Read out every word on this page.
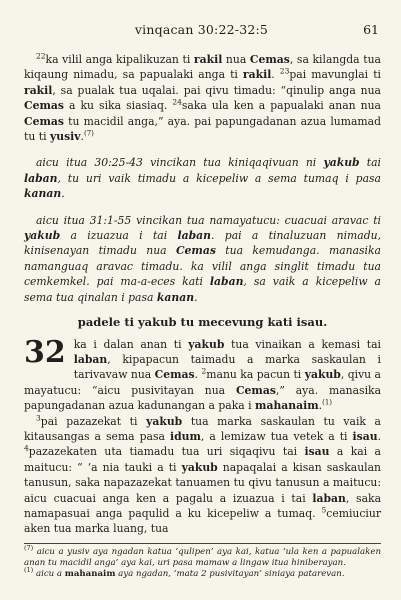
vinqacan 30:22-32:5	61

$^{22}$ka vilil anga kipalikuzan ti rakil nua Cemas, sa kilangda tua kiqaung nimadu, sa papualaki anga ti rakil. $^{23}$pai mavunglai ti rakil, sa pualak tua uqalai. pai qivu timadu: “qinulip anga nua Cemas a ku sika siasiaq. $^{24}$saka ula ken a papualaki anan nua Cemas tu macidil anga,” aya. pai papungadanan azua lumamad tu ti yusiv.$^{(7)}$

aicu itua 30:25-43 vincikan tua kiniqaqivuan ni yakub tai laban, tu uri vaik timadu a kicepeliw a sema tumaq i pasa kanan.

aicu itua 31:1-55 vincikan tua namayatucu: cuacuai aravac ti yakub a izuazua i tai laban. pai a tinaluzuan nimadu, kinisenayan timadu nua Cemas tua kemudanga. manasika namanguaq aravac timadu. ka vilil anga singlit timadu tua cemkemkel. pai ma-a-eces kati laban, sa vaik a kicepeliw a sema tua qinalan i pasa kanan.

padele ti yakub tu mecevung kati isau.

32 ka i dalan anan ti yakub tua vinaikan a kemasi tai laban, kipapacun taimadu a marka saskaulan i tarivavaw nua Cemas. $^2$manu ka pacun ti yakub, qivu a mayatucu: “aicu pusivitayan nua Cemas,” aya. manasika papungadanan azua kadunangan a paka i mahanaim.$^{(1)}$

$^3$pai pazazekat ti yakub tua marka saskaulan tu vaik a kitausangas a sema pasa idum, a lemizaw tua vetek a ti isau. $^4$pazazekaten uta tiamadu tua uri siqaqivu tai isau a kai a maitucu: “ ‘a nia tauki a ti yakub napaqalai a kisan saskaulan tanusun, saka napazazekat tanuamen tu qivu tanusun a maitucu: aicu cuacuai anga ken a pagalu a izuazua i tai laban, saka namapasuai anga paqulid a ku kicepeliw a tumaq. $^5$cemiuciur aken tua marka luang, tua

$^{(7)}$ aicu a yusiv aya ngadan katua ‘qulipen’ aya kai, katua ‘ula ken a papualaken anan tu macidil anga’ aya kai, uri pasa mamaw a lingaw itua hiniberayan.

$^{(1)}$ aicu a mahanaim aya ngadan, ‘mata 2 pusivitayan’ siniaya patarevan.
